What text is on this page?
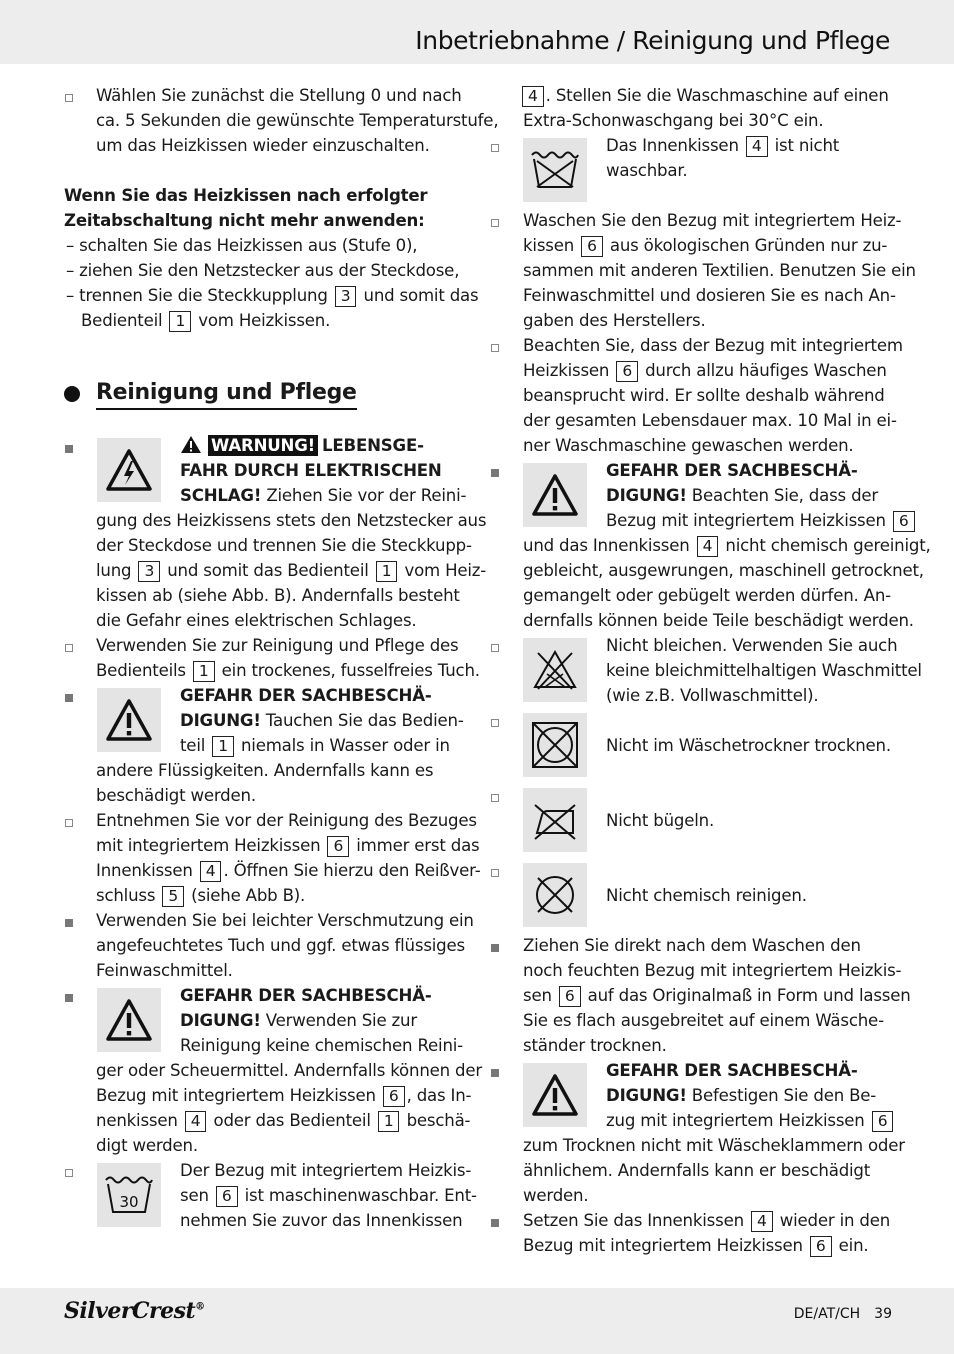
Inbetriebnahme / Reinigung und Pflege
Wählen Sie zunächst die Stellung 0 und nach
ca. 5 Sekunden die gewünschte Temperaturstufe,
um das Heizkissen wieder einzuschalten.
Wenn Sie das Heizkissen nach erfolgter
Zeitabschaltung nicht mehr anwenden:
– schalten Sie das Heizkissen aus (Stufe 0),
– ziehen Sie den Netzstecker aus der Steckdose,
– trennen Sie die Steckkupplung 3 und somit das
Bedienteil 1 vom Heizkissen.
Reinigung und Pflege
WARNUNG! LEBENSGE-
FAHR DURCH ELEKTRISCHEN
SCHLAG! Ziehen Sie vor der Reini-
gung des Heizkissens stets den Netzstecker aus
der Steckdose und trennen Sie die Steckkupp-
lung 3 und somit das Bedienteil 1 vom Heiz-
kissen ab (siehe Abb. B). Andernfalls besteht
die Gefahr eines elektrischen Schlages.
Verwenden Sie zur Reinigung und Pflege des
Bedienteils 1 ein trockenes, fusselfreies Tuch.
GEFAHR DER SACHBESCHÄ-
DIGUNG! Tauchen Sie das Bedien-
teil 1 niemals in Wasser oder in
andere Flüssigkeiten. Andernfalls kann es
beschädigt werden.
Entnehmen Sie vor der Reinigung des Bezuges
mit integriertem Heizkissen 6 immer erst das
Innenkissen 4 . Öffnen Sie hierzu den Reißver-
schluss 5 (siehe Abb B).
Verwenden Sie bei leichter Verschmutzung ein
angefeuchtetes Tuch und ggf. etwas flüssiges
Feinwaschmittel.
GEFAHR DER SACHBESCHÄ-
DIGUNG! Verwenden Sie zur
Reinigung keine chemischen Reini-
ger oder Scheuermittel. Andernfalls können der
Bezug mit integriertem Heizkissen 6 , das In-
nenkissen 4 oder das Bedienteil 1 beschä-
digt werden.
30
Der Bezug mit integriertem Heizkis-
sen 6 ist maschinenwaschbar. Ent-
nehmen Sie zuvor das Innenkissen
4 . Stellen Sie die Waschmaschine auf einen
Extra-Schonwaschgang bei 30°C ein.
Das Innenkissen 4 ist nicht
waschbar.
Waschen Sie den Bezug mit integriertem Heiz-
kissen 6 aus ökologischen Gründen nur zu-
sammen mit anderen Textilien. Benutzen Sie ein
Feinwaschmittel und dosieren Sie es nach An-
gaben des Herstellers.
Beachten Sie, dass der Bezug mit integriertem
Heizkissen 6 durch allzu häufiges Waschen
beansprucht wird. Er sollte deshalb während
der gesamten Lebensdauer max. 10 Mal in ei-
ner Waschmaschine gewaschen werden.
GEFAHR DER SACHBESCHÄ-
DIGUNG! Beachten Sie, dass der
Bezug mit integriertem Heizkissen 6
und das Innenkissen 4 nicht chemisch gereinigt,
gebleicht, ausgewrungen, maschinell getrocknet,
gemangelt oder gebügelt werden dürfen. An-
dernfalls können beide Teile beschädigt werden.
Nicht bleichen. Verwenden Sie auch
keine bleichmittelhaltigen Waschmittel
(wie z.B. Vollwaschmittel).
Nicht im Wäschetrockner trocknen.
Nicht bügeln.
Nicht chemisch reinigen.
Ziehen Sie direkt nach dem Waschen den
noch feuchten Bezug mit integriertem Heizkis-
sen 6 auf das Originalmaß in Form und lassen
Sie es flach ausgebreitet auf einem Wäsche-
ständer trocknen.
GEFAHR DER SACHBESCHÄ-
DIGUNG! Befestigen Sie den Be-
zug mit integriertem Heizkissen 6
zum Trocknen nicht mit Wäscheklammern oder
ähnlichem. Andernfalls kann er beschädigt
werden.
Setzen Sie das Innenkissen 4 wieder in den
Bezug mit integriertem Heizkissen 6 ein.
SilverCrest®	DE/AT/CH 39
